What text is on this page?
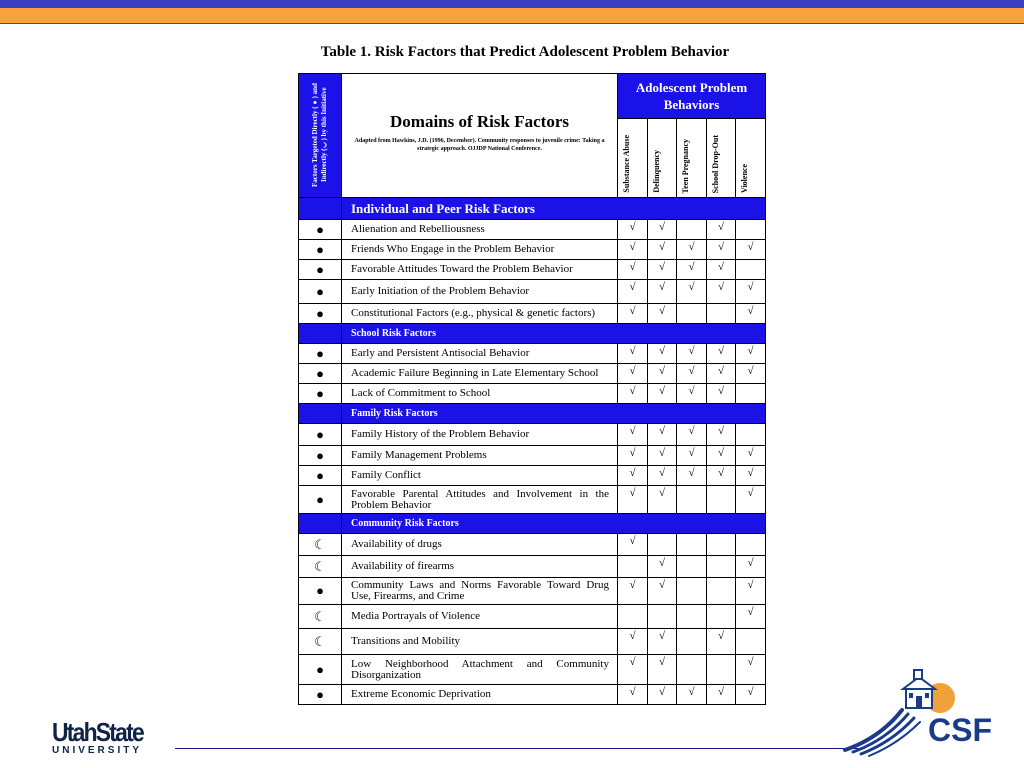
Table 1. Risk Factors that Predict Adolescent Problem Behavior
Factors Targeted Directly (●) and Indirectly (☾) by this Initiative	Domains of Risk Factors
Adapted from Hawkins, J.D. (1996, December). Community responses to juvenile crime: Taking a strategic approach. OJJDP National Conference.	Adolescent Problem Behaviors				
		Substance Abuse	Delinquency	Teen Pregnancy	School Drop-Out	Violence
	Individual and Peer Risk Factors					
●	Alienation and Rebelliousness	√	√		√	
●	Friends Who Engage in the Problem Behavior	√	√	√	√	√
●	Favorable Attitudes Toward the Problem Behavior	√	√	√	√	
●	Early Initiation of the Problem Behavior	√	√	√	√	√
●	Constitutional Factors (e.g., physical & genetic factors)	√	√			√
	School Risk Factors					
●	Early and Persistent Antisocial Behavior	√	√	√	√	√
●	Academic Failure Beginning in Late Elementary School	√	√	√	√	√
●	Lack of Commitment to School	√	√	√	√	
	Family Risk Factors					
●	Family History of the Problem Behavior	√	√	√	√	
●	Family Management Problems	√	√	√	√	√
●	Family Conflict	√	√	√	√	√
●	Favorable Parental Attitudes and Involvement in the Problem Behavior	√	√			√
	Community Risk Factors					
☾	Availability of drugs	√				
☾	Availability of firearms		√			√
●	Community Laws and Norms Favorable Toward Drug Use, Firearms, and Crime	√	√			√
☾	Media Portrayals of Violence					√
☾	Transitions and Mobility	√	√		√	
●	Low Neighborhood Attachment and Community Disorganization	√	√			√
●	Extreme Economic Deprivation	√	√	√	√	√
UtahState
UNIVERSITY
CSF
